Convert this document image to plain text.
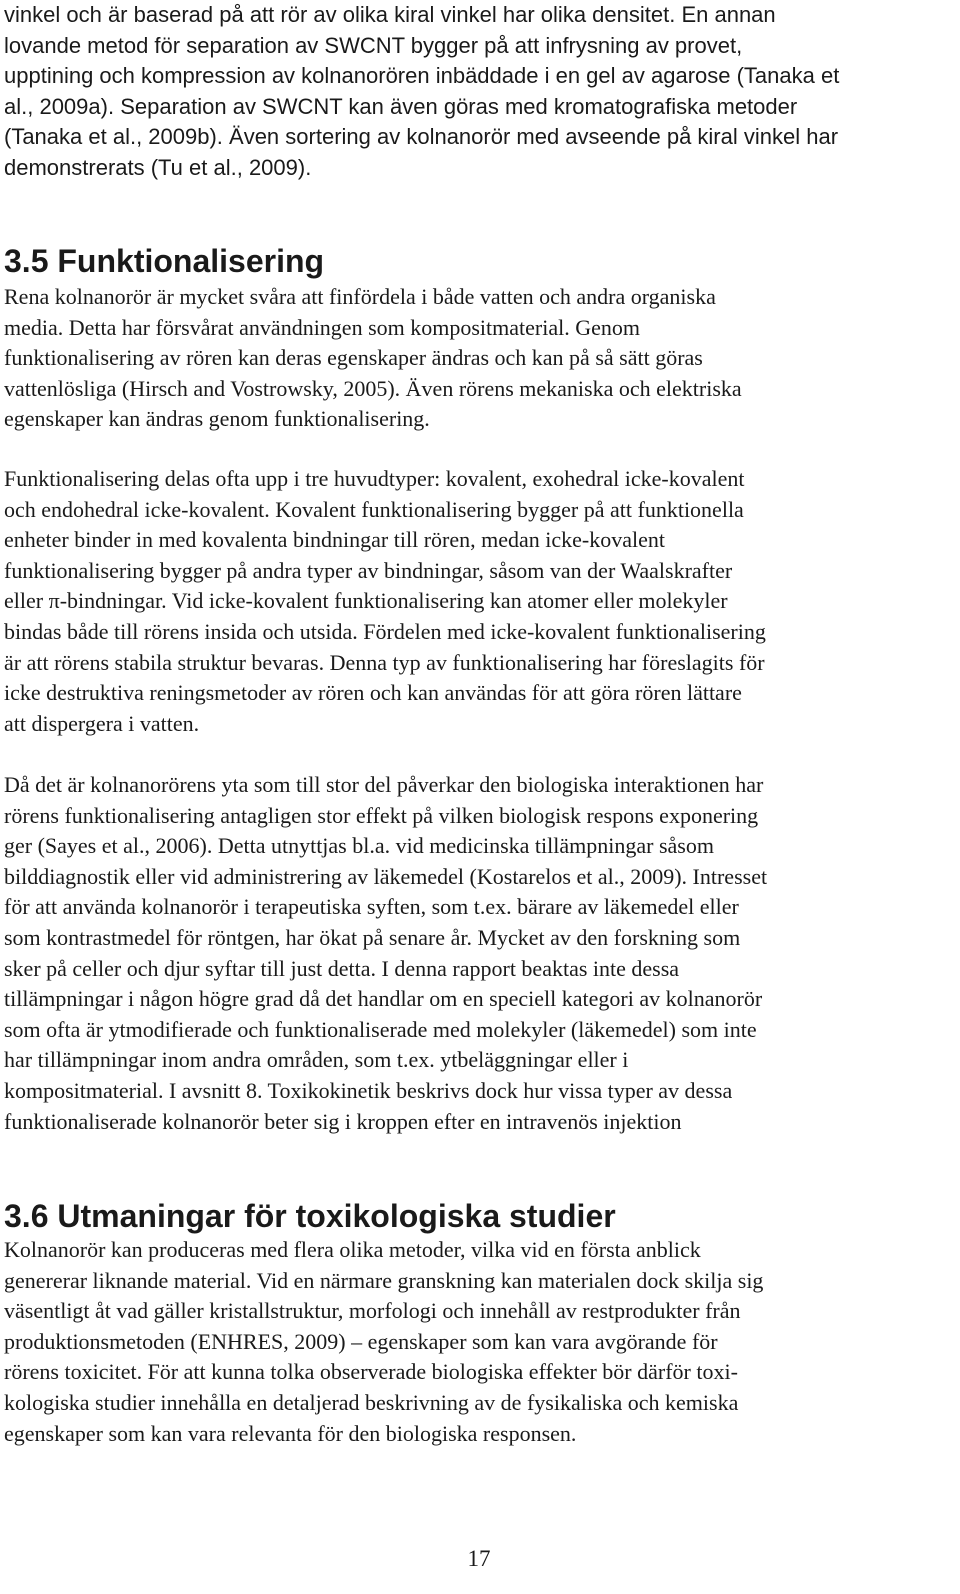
vinkel och är baserad på att rör av olika kiral vinkel har olika densitet. En annan
lovande metod för separation av SWCNT bygger på att infrysning av provet,
upptining och kompression av kolnanorören inbäddade i en gel av agarose (Tanaka et
al., 2009a). Separation av SWCNT kan även göras med kromatografiska metoder
(Tanaka et al., 2009b). Även sortering av kolnanorör med avseende på kiral vinkel har
demonstrerats (Tu et al., 2009).
3.5 Funktionalisering
Rena kolnanorör är mycket svåra att finfördela i både vatten och andra organiska
media. Detta har försvårat användningen som kompositmaterial. Genom
funktionalisering av rören kan deras egenskaper ändras och kan på så sätt göras
vattenlösliga (Hirsch and Vostrowsky, 2005). Även rörens mekaniska och elektriska
egenskaper kan ändras genom funktionalisering.
Funktionalisering delas ofta upp i tre huvudtyper: kovalent, exohedral icke-kovalent
och endohedral icke-kovalent. Kovalent funktionalisering bygger på att funktionella
enheter binder in med kovalenta bindningar till rören, medan icke-kovalent
funktionalisering bygger på andra typer av bindningar, såsom van der Waalskrafter
eller π-bindningar. Vid icke-kovalent funktionalisering kan atomer eller molekyler
bindas både till rörens insida och utsida. Fördelen med icke-kovalent funktionalisering
är att rörens stabila struktur bevaras. Denna typ av funktionalisering har föreslagits för
icke destruktiva reningsmetoder av rören och kan användas för att göra rören lättare
att dispergera i vatten.
Då det är kolnanorörens yta som till stor del påverkar den biologiska interaktionen har
rörens funktionalisering antagligen stor effekt på vilken biologisk respons exponering
ger (Sayes et al., 2006). Detta utnyttjas bl.a. vid medicinska tillämpningar såsom
bilddiagnostik eller vid administrering av läkemedel (Kostarelos et al., 2009). Intresset
för att använda kolnanorör i terapeutiska syften, som t.ex. bärare av läkemedel eller
som kontrastmedel för röntgen, har ökat på senare år. Mycket av den forskning som
sker på celler och djur syftar till just detta. I denna rapport beaktas inte dessa
tillämpningar i någon högre grad då det handlar om en speciell kategori av kolnanorör
som ofta är ytmodifierade och funktionaliserade med molekyler (läkemedel) som inte
har tillämpningar inom andra områden, som t.ex. ytbeläggningar eller i
kompositmaterial. I avsnitt 8. Toxikokinetik beskrivs dock hur vissa typer av dessa
funktionaliserade kolnanorör beter sig i kroppen efter en intravenös injektion
3.6 Utmaningar för toxikologiska studier
Kolnanorör kan produceras med flera olika metoder, vilka vid en första anblick
genererar liknande material. Vid en närmare granskning kan materialen dock skilja sig
väsentligt åt vad gäller kristallstruktur, morfologi och innehåll av restprodukter från
produktionsmetoden (ENHRES, 2009) – egenskaper som kan vara avgörande för
rörens toxicitet. För att kunna tolka observerade biologiska effekter bör därför toxi-
kologiska studier innehålla en detaljerad beskrivning av de fysikaliska och kemiska
egenskaper som kan vara relevanta för den biologiska responsen.
17
